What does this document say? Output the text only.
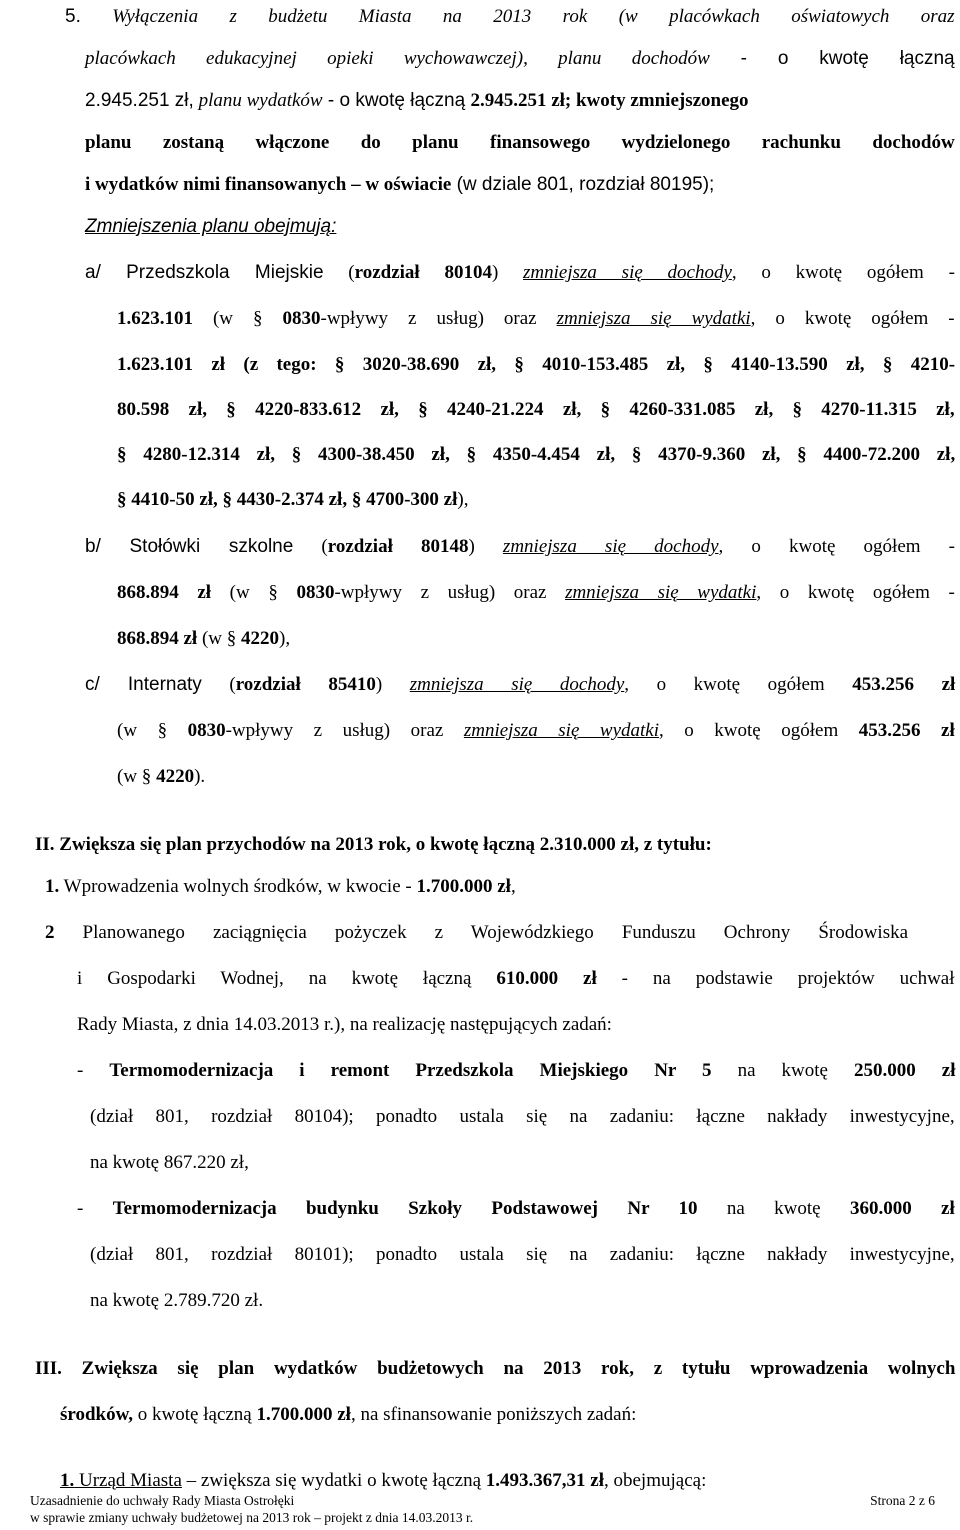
5. Wyłączenia z budżetu Miasta na 2013 rok (w placówkach oświatowych oraz
placówkach edukacyjnej opieki wychowawczej), planu dochodów - o kwotę łączną
2.945.251 zł, planu wydatków - o kwotę łączną 2.945.251 zł; kwoty zmniejszonego
planu zostaną włączone do planu finansowego wydzielonego rachunku dochodów
i wydatków nimi finansowanych – w oświacie (w dziale 801, rozdział 80195);
Zmniejszenia planu obejmują:
a/ Przedszkola Miejskie (rozdział 80104) zmniejsza się dochody, o kwotę ogółem -
1.623.101 (w § 0830-wpływy z usług) oraz zmniejsza się wydatki, o kwotę ogółem -
1.623.101 zł (z tego: § 3020-38.690 zł, § 4010-153.485 zł, § 4140-13.590 zł, § 4210-
80.598 zł, § 4220-833.612 zł, § 4240-21.224 zł, § 4260-331.085 zł, § 4270-11.315 zł,
§ 4280-12.314 zł, § 4300-38.450 zł, § 4350-4.454 zł, § 4370-9.360 zł, § 4400-72.200 zł,
§ 4410-50 zł, § 4430-2.374 zł, § 4700-300 zł),
b/ Stołówki szkolne (rozdział 80148) zmniejsza się dochody, o kwotę ogółem -
868.894 zł (w § 0830-wpływy z usług) oraz zmniejsza się wydatki, o kwotę ogółem -
868.894 zł (w § 4220),
c/ Internaty (rozdział 85410) zmniejsza się dochody, o kwotę ogółem 453.256 zł
(w § 0830-wpływy z usług) oraz zmniejsza się wydatki, o kwotę ogółem 453.256 zł
(w § 4220).
II. Zwiększa się plan przychodów na 2013 rok, o kwotę łączną 2.310.000 zł, z tytułu:
1. Wprowadzenia wolnych środków, w kwocie - 1.700.000 zł,
2 Planowanego zaciągnięcia pożyczek z Wojewódzkiego Funduszu Ochrony Środowiska
i Gospodarki Wodnej, na kwotę łączną 610.000 zł - na podstawie projektów uchwał
Rady Miasta, z dnia 14.03.2013 r.), na realizację następujących zadań:
- Termomodernizacja i remont Przedszkola Miejskiego Nr 5 na kwotę 250.000 zł
(dział 801, rozdział 80104); ponadto ustala się na zadaniu: łączne nakłady inwestycyjne,
na kwotę 867.220 zł,
- Termomodernizacja budynku Szkoły Podstawowej Nr 10 na kwotę 360.000 zł
(dział 801, rozdział 80101); ponadto ustala się na zadaniu: łączne nakłady inwestycyjne,
na kwotę 2.789.720 zł.
III. Zwiększa się plan wydatków budżetowych na 2013 rok, z tytułu wprowadzenia wolnych
środków, o kwotę łączną 1.700.000 zł, na sfinansowanie poniższych zadań:
1. Urząd Miasta – zwiększa się wydatki o kwotę łączną 1.493.367,31 zł, obejmującą:
Uzasadnienie do uchwały Rady Miasta Ostrołęki
w sprawie zmiany uchwały budżetowej na 2013 rok – projekt z dnia 14.03.2013 r.
Strona 2 z 6
